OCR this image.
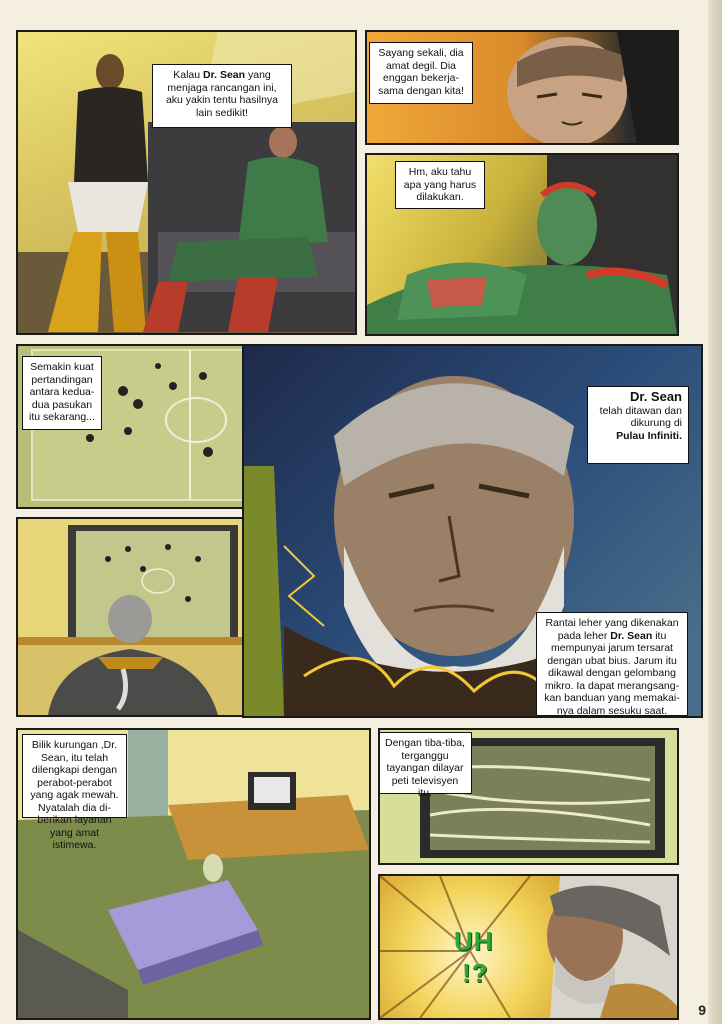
Kalau Dr. Sean yang menjaga rancangan ini, aku yakin tentu hasilnya lain sedikit!
Sayang sekali, dia amat degil. Dia enggan bekerja-sama dengan kita!
Hm, aku tahu apa yang harus dilakukan.
Semakin kuat pertandingan antara kedua-dua pasukan itu sekarang...
Dr. Sean
telah ditawan dan dikurung di
Pulau Infiniti.
Rantai leher yang dikenakan pada leher Dr. Sean itu mempunyai jarum tersarat dengan ubat bius. Jarum itu dikawal dengan gelombang mikro. Ia dapat merangsang-kan banduan yang memakai-nya dalam sesuku saat.
Bilik kurungan ,Dr. Sean, itu telah dilengkapi dengan perabot-perabot yang agak mewah. Nyatalah dia di-berikan layanan yang amat istimewa.
Dengan tiba-tiba, terganggu tayangan dilayar peti televisyen itu.
UH
!?
9
